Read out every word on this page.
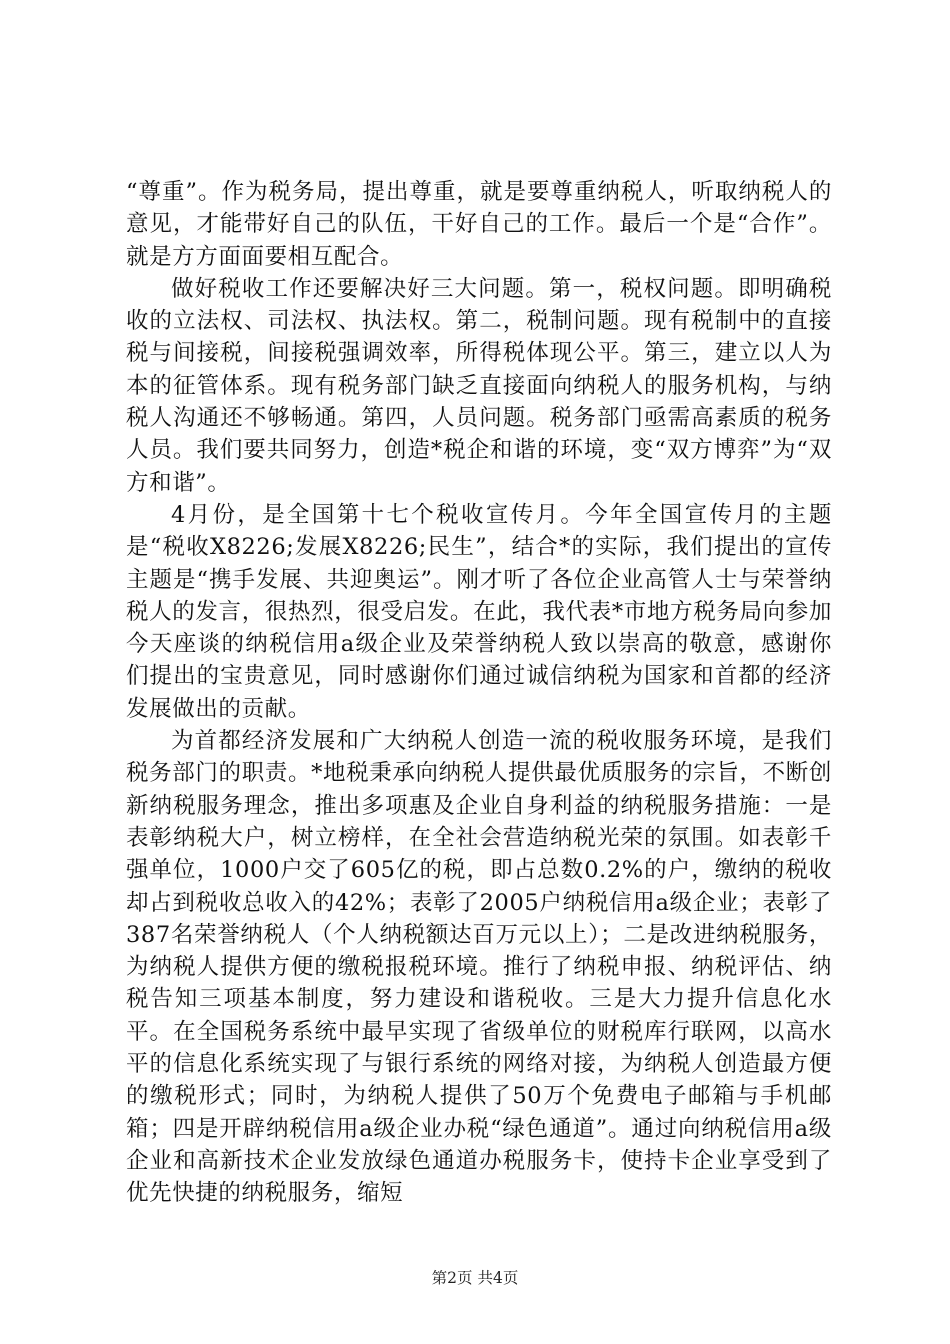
“尊重”。作为税务局，提出尊重，就是要尊重纳税人，听取纳税人的意见，才能带好自己的队伍，干好自己的工作。最后一个是“合作”。就是方方面面要相互配合。

做好税收工作还要解决好三大问题。第一，税权问题。即明确税收的立法权、司法权、执法权。第二，税制问题。现有税制中的直接税与间接税，间接税强调效率，所得税体现公平。第三，建立以人为本的征管体系。现有税务部门缺乏直接面向纳税人的服务机构，与纳税人沟通还不够畅通。第四，人员问题。税务部门亟需高素质的税务人员。我们要共同努力，创造*税企和谐的环境，变“双方博弈”为“双方和谐”。

4月份，是全国第十七个税收宣传月。今年全国宣传月的主题是“税收X8226;发展X8226;民生”，结合*的实际，我们提出的宣传主题是“携手发展、共迎奥运”。刚才听了各位企业高管人士与荣誉纳税人的发言，很热烈，很受启发。在此，我代表*市地方税务局向参加今天座谈的纳税信用a级企业及荣誉纳税人致以崇高的敬意，感谢你们提出的宝贵意见，同时感谢你们通过诚信纳税为国家和首都的经济发展做出的贡献。

为首都经济发展和广大纳税人创造一流的税收服务环境，是我们税务部门的职责。*地税秉承向纳税人提供最优质服务的宗旨，不断创新纳税服务理念，推出多项惠及企业自身利益的纳税服务措施：一是表彰纳税大户，树立榜样，在全社会营造纳税光荣的氛围。如表彰千强单位，1000户交了605亿的税，即占总数0.2%的户，缴纳的税收却占到税收总收入的42%；表彰了2005户纳税信用a级企业；表彰了387名荣誉纳税人（个人纳税额达百万元以上）；二是改进纳税服务，为纳税人提供方便的缴税报税环境。推行了纳税申报、纳税评估、纳税告知三项基本制度，努力建设和谐税收。三是大力提升信息化水平。在全国税务系统中最早实现了省级单位的财税库行联网，以高水平的信息化系统实现了与银行系统的网络对接，为纳税人创造最方便的缴税形式；同时，为纳税人提供了50万个免费电子邮箱与手机邮箱；四是开辟纳税信用a级企业办税“绿色通道”。通过向纳税信用a级企业和高新技术企业发放绿色通道办税服务卡，使持卡企业享受到了优先快捷的纳税服务，缩短

第2页 共4页
